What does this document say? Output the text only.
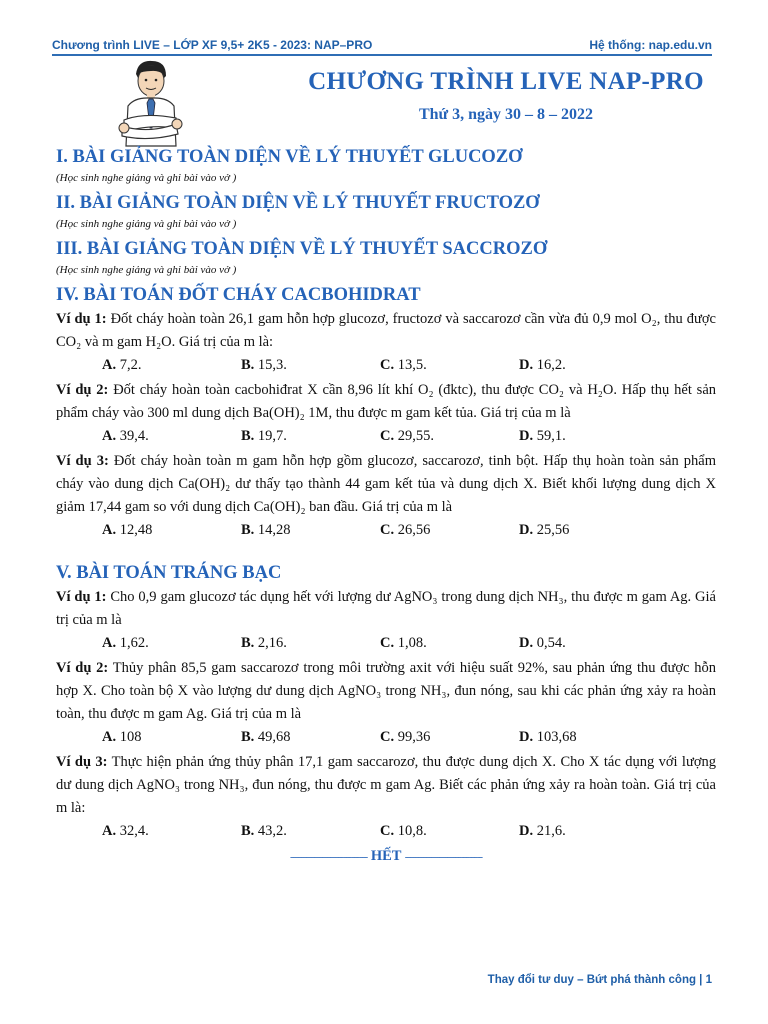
Chương trình LIVE – LỚP XF 9,5+ 2K5 - 2023: NAP–PRO	Hệ thống: nap.edu.vn
CHƯƠNG TRÌNH LIVE NAP-PRO
Thứ 3, ngày 30 – 8 – 2022
I. BÀI GIẢNG TOÀN DIỆN VỀ LÝ THUYẾT GLUCOZƠ
(Học sinh nghe giảng và ghi bài vào vở )
II. BÀI GIẢNG TOÀN DIỆN VỀ LÝ THUYẾT FRUCTOZƠ
(Học sinh nghe giảng và ghi bài vào vở )
III. BÀI GIẢNG TOÀN DIỆN VỀ LÝ THUYẾT SACCROZƠ
(Học sinh nghe giảng và ghi bài vào vở )
IV. BÀI TOÁN ĐỐT CHÁY CACBOHIDRAT

Ví dụ 1: Đốt cháy hoàn toàn 26,1 gam hỗn hợp glucozơ, fructozơ và saccarozơ cần vừa đủ 0,9 mol O₂, thu được CO₂ và m gam H₂O. Giá trị của m là:

A. 7,2.	B. 15,3.	C. 13,5.	D. 16,2.

Ví dụ 2: Đốt cháy hoàn toàn cacbohiđrat X cần 8,96 lít khí O₂ (đktc), thu được CO₂ và H₂O. Hấp thụ hết sản phẩm cháy vào 300 ml dung dịch Ba(OH)₂ 1M, thu được m gam kết tủa. Giá trị của m là

A. 39,4.	B. 19,7.	C. 29,55.	D. 59,1.

Ví dụ 3: Đốt cháy hoàn toàn m gam hỗn hợp gồm glucozơ, saccarozơ, tinh bột. Hấp thụ hoàn toàn sản phẩm cháy vào dung dịch Ca(OH)₂ dư thấy tạo thành 44 gam kết tủa và dung dịch X. Biết khối lượng dung dịch X giảm 17,44 gam so với dung dịch Ca(OH)₂ ban đầu. Giá trị của m là

A. 12,48	B. 14,28	C. 26,56	D. 25,56
V. BÀI TOÁN TRÁNG BẠC

Ví dụ 1: Cho 0,9 gam glucozơ tác dụng hết với lượng dư AgNO₃ trong dung dịch NH₃, thu được m gam Ag. Giá trị của m là

A. 1,62.	B. 2,16.	C. 1,08.	D. 0,54.

Ví dụ 2: Thủy phân 85,5 gam saccarozơ trong môi trường axit với hiệu suất 92%, sau phản ứng thu được hỗn hợp X. Cho toàn bộ X vào lượng dư dung dịch AgNO₃ trong NH₃, đun nóng, sau khi các phản ứng xảy ra hoàn toàn, thu được m gam Ag. Giá trị của m là

A. 108	B. 49,68	C. 99,36	D. 103,68

Ví dụ 3: Thực hiện phản ứng thủy phân 17,1 gam saccarozơ, thu được dung dịch X. Cho X tác dụng với lượng dư dung dịch AgNO₃ trong NH₃, đun nóng, thu được m gam Ag. Biết các phản ứng xảy ra hoàn toàn. Giá trị của m là:

A. 32,4.	B. 43,2.	C. 10,8.	D. 21,6.
----------------------------- HẾT -----------------------------
Thay đổi tư duy – Bứt phá thành công | 1
